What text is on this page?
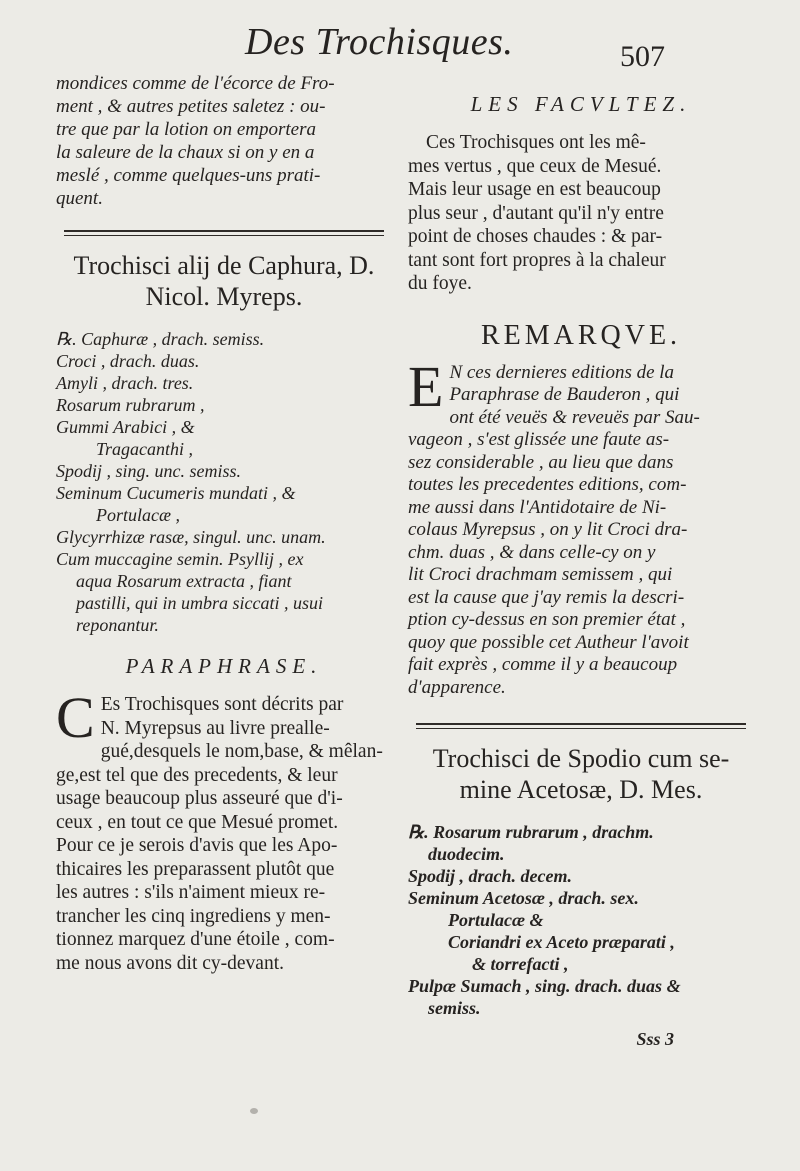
Des Trochisques.	507

mondices comme de l'écorce de Fro-

ment , & autres petites saletez : ou-

tre que par la lotion on emportera

la saleure de la chaux si on y en a

meslé , comme quelques-uns prati-

quent.

Trochisci alij de Caphura, D.

Nicol. Myreps.

℞. Caphuræ , drach. semiss.

Croci , drach. duas.

Amyli , drach. tres.

Rosarum rubrarum ,

Gummi Arabici , &

Tragacanthi ,

Spodij , sing. unc. semiss.

Seminum Cucumeris mundati , &

Portulacæ ,

Glycyrrhizæ rasæ, singul. unc. unam.

Cum muccagine semin. Psyllij , ex

aqua Rosarum extracta , fiant

pastilli, qui in umbra siccati , usui

reponantur.

PARAPHRASE.
C Es Trochisques sont décrits par

N. Myrepsus au livre prealle-

gué,desquels le nom,base, & mêlan-

ge,est tel que des precedents, & leur

usage beaucoup plus asseuré que d'i-

ceux , en tout ce que Mesué promet.

Pour ce je serois d'avis que les Apo-

thicaires les preparassent plutôt que

les autres : s'ils n'aiment mieux re-

trancher les cinq ingrediens y men-

tionnez marquez d'une étoile , com-

me nous avons dit cy-devant.

LES FACVLTEZ.

Ces Trochisques ont les mê-

mes vertus , que ceux de Mesué.

Mais leur usage en est beaucoup

plus seur , d'autant qu'il n'y entre

point de choses chaudes : & par-

tant sont fort propres à la chaleur

du foye.

REMARQVE.
E N ces dernieres editions de la

Paraphrase de Bauderon , qui

ont été veuës & reveuës par Sau-

vageon , s'est glissée une faute as-

sez considerable , au lieu que dans

toutes les precedentes editions, com-

me aussi dans l'Antidotaire de Ni-

colaus Myrepsus , on y lit Croci dra-

chm. duas , & dans celle-cy on y

lit Croci drachmam semissem , qui

est la cause que j'ay remis la descri-

ption cy-dessus en son premier état ,

quoy que possible cet Autheur l'avoit

fait exprès , comme il y a beaucoup

d'apparence.

Trochisci de Spodio cum se-

mine Acetosæ, D. Mes.

℞. Rosarum rubrarum , drachm.

duodecim.

Spodij , drach. decem.

Seminum Acetosæ , drach. sex.

Portulacæ &

Coriandri ex Aceto præparati ,

& torrefacti ,

Pulpæ Sumach , sing. drach. duas &

semiss.

Sss 3
